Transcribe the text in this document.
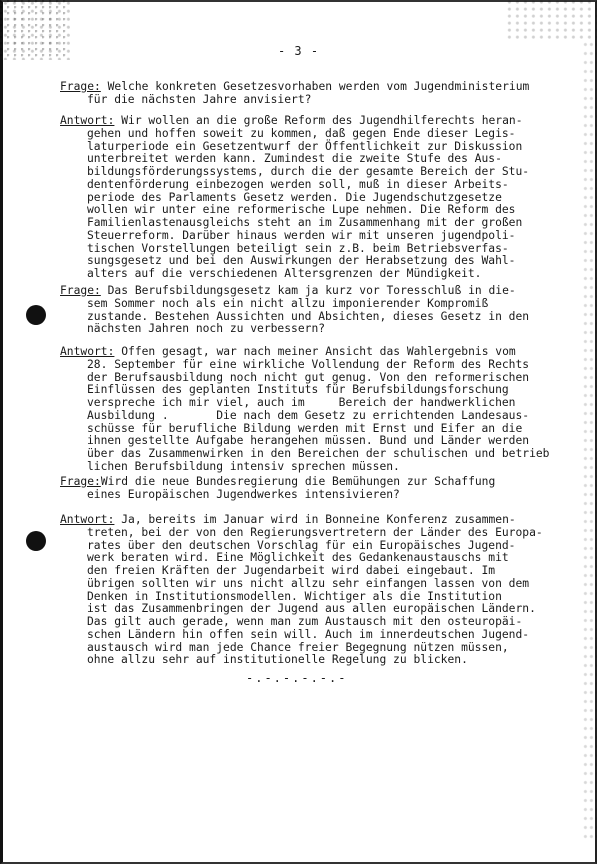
- 3 -
Frage: Welche konkreten Gesetzesvorhaben werden vom Jugendministerium
für die nächsten Jahre anvisiert?
Antwort: Wir wollen an die große Reform des Jugendhilferechts heran-
gehen und hoffen soweit zu kommen, daß gegen Ende dieser Legis-
laturperiode ein Gesetzentwurf der Öffentlichkeit zur Diskussion
unterbreitet werden kann. Zumindest die zweite Stufe des Aus-
bildungsförderungssystems, durch die der gesamte Bereich der Stu-
dentenförderung einbezogen werden soll, muß in dieser Arbeits-
periode des Parlaments Gesetz werden. Die Jugendschutzgesetze
wollen wir unter eine reformerische Lupe nehmen. Die Reform des
Familienlastenausgleichs steht an im Zusammenhang mit der großen
Steuerreform. Darüber hinaus werden wir mit unseren jugendpoli-
tischen Vorstellungen beteiligt sein z.B. beim Betriebsverfas-
sungsgesetz und bei den Auswirkungen der Herabsetzung des Wahl-
alters auf die verschiedenen Altersgrenzen der Mündigkeit.
Frage: Das Berufsbildungsgesetz kam ja kurz vor Toresschluß in die-
sem Sommer noch als ein nicht allzu imponierender Kompromiß
zustande. Bestehen Aussichten und Absichten, dieses Gesetz in den
nächsten Jahren noch zu verbessern?
Antwort: Offen gesagt, war nach meiner Ansicht das Wahlergebnis vom
28. September für eine wirkliche Vollendung der Reform des Rechts
der Berufsausbildung noch nicht gut genug. Von den reformerischen
Einflüssen des geplanten Instituts für Berufsbildungsforschung
verspreche ich mir viel, auch im     Bereich der handwerklichen
Ausbildung .       Die nach dem Gesetz zu errichtenden Landesaus-
schüsse für berufliche Bildung werden mit Ernst und Eifer an die
ihnen gestellte Aufgabe herangehen müssen. Bund und Länder werden
über das Zusammenwirken in den Bereichen der schulischen und betrieb
lichen Berufsbildung intensiv sprechen müssen.
Frage:Wird die neue Bundesregierung die Bemühungen zur Schaffung
eines Europäischen Jugendwerkes intensivieren?
Antwort: Ja, bereits im Januar wird in Bonneine Konferenz zusammen-
treten, bei der von den Regierungsvertretern der Länder des Europa-
rates über den deutschen Vorschlag für ein Europäisches Jugend-
werk beraten wird. Eine Möglichkeit des Gedankenaustauschs mit
den freien Kräften der Jugendarbeit wird dabei eingebaut. Im
übrigen sollten wir uns nicht allzu sehr einfangen lassen von dem
Denken in Institutionsmodellen. Wichtiger als die Institution
ist das Zusammenbringen der Jugend aus allen europäischen Ländern.
Das gilt auch gerade, wenn man zum Austausch mit den osteuropäi-
schen Ländern hin offen sein will. Auch im innerdeutschen Jugend-
austausch wird man jede Chance freier Begegnung nützen müssen,
ohne allzu sehr auf institutionelle Regelung zu blicken.
-.-.-.-.-.-
